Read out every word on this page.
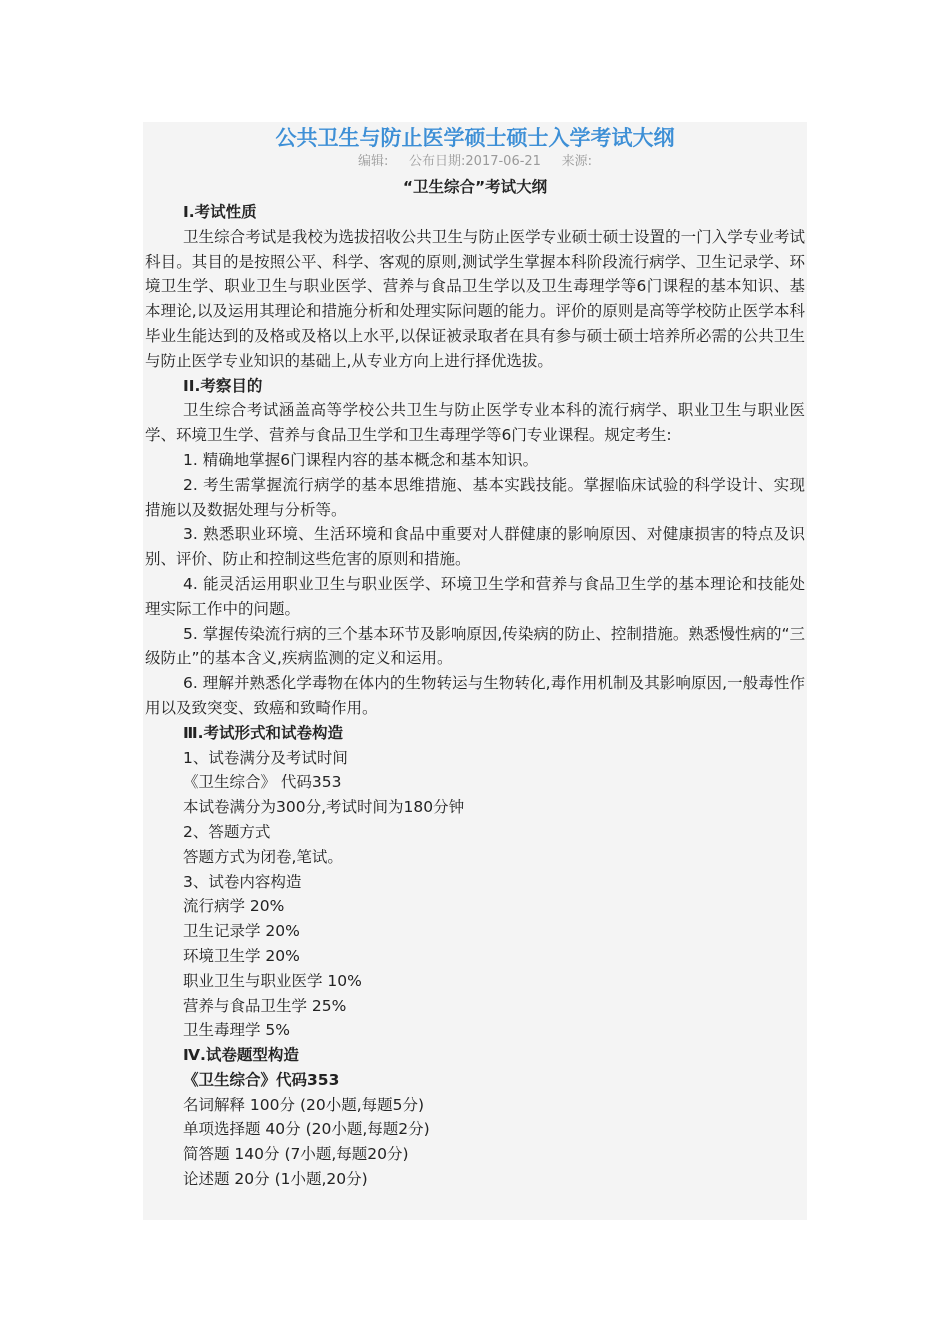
公共卫生与防止医学硕士硕士入学考试大纲
编辑:     公布日期:2017-06-21     来源:
“卫生综合”考试大纲

I.考试性质

卫生综合考试是我校为选拔招收公共卫生与防止医学专业硕士硕士设置的一门入学专业考试科目。其目的是按照公平、科学、客观的原则,测试学生掌握本科阶段流行病学、卫生记录学、环境卫生学、职业卫生与职业医学、营养与食品卫生学以及卫生毒理学等6门课程的基本知识、基本理论,以及运用其理论和措施分析和处理实际问题的能力。评价的原则是高等学校防止医学本科毕业生能达到的及格或及格以上水平,以保证被录取者在具有参与硕士硕士培养所必需的公共卫生与防止医学专业知识的基础上,从专业方向上进行择优选拔。

II.考察目的

卫生综合考试涵盖高等学校公共卫生与防止医学专业本科的流行病学、职业卫生与职业医学、环境卫生学、营养与食品卫生学和卫生毒理学等6门专业课程。规定考生:

1. 精确地掌握6门课程内容的基本概念和基本知识。

2. 考生需掌握流行病学的基本思维措施、基本实践技能。掌握临床试验的科学设计、实现措施以及数据处理与分析等。

3. 熟悉职业环境、生活环境和食品中重要对人群健康的影响原因、对健康损害的特点及识别、评价、防止和控制这些危害的原则和措施。

4. 能灵活运用职业卫生与职业医学、环境卫生学和营养与食品卫生学的基本理论和技能处理实际工作中的问题。

5. 掌握传染流行病的三个基本环节及影响原因,传染病的防止、控制措施。熟悉慢性病的“三级防止”的基本含义,疾病监测的定义和运用。

6. 理解并熟悉化学毒物在体内的生物转运与生物转化,毒作用机制及其影响原因,一般毒性作用以及致突变、致癌和致畸作用。

Ⅲ.考试形式和试卷构造

1、试卷满分及考试时间

《卫生综合》 代码353

本试卷满分为300分,考试时间为180分钟

2、答题方式

答题方式为闭卷,笔试。

3、试卷内容构造

流行病学 20%

卫生记录学 20%

环境卫生学 20%

职业卫生与职业医学 10%

营养与食品卫生学 25%

卫生毒理学 5%

Ⅳ.试卷题型构造

《卫生综合》代码353

名词解释 100分 (20小题,每题5分)

单项选择题 40分 (20小题,每题2分)

简答题 140分 (7小题,每题20分)

论述题 20分 (1小题,20分)
